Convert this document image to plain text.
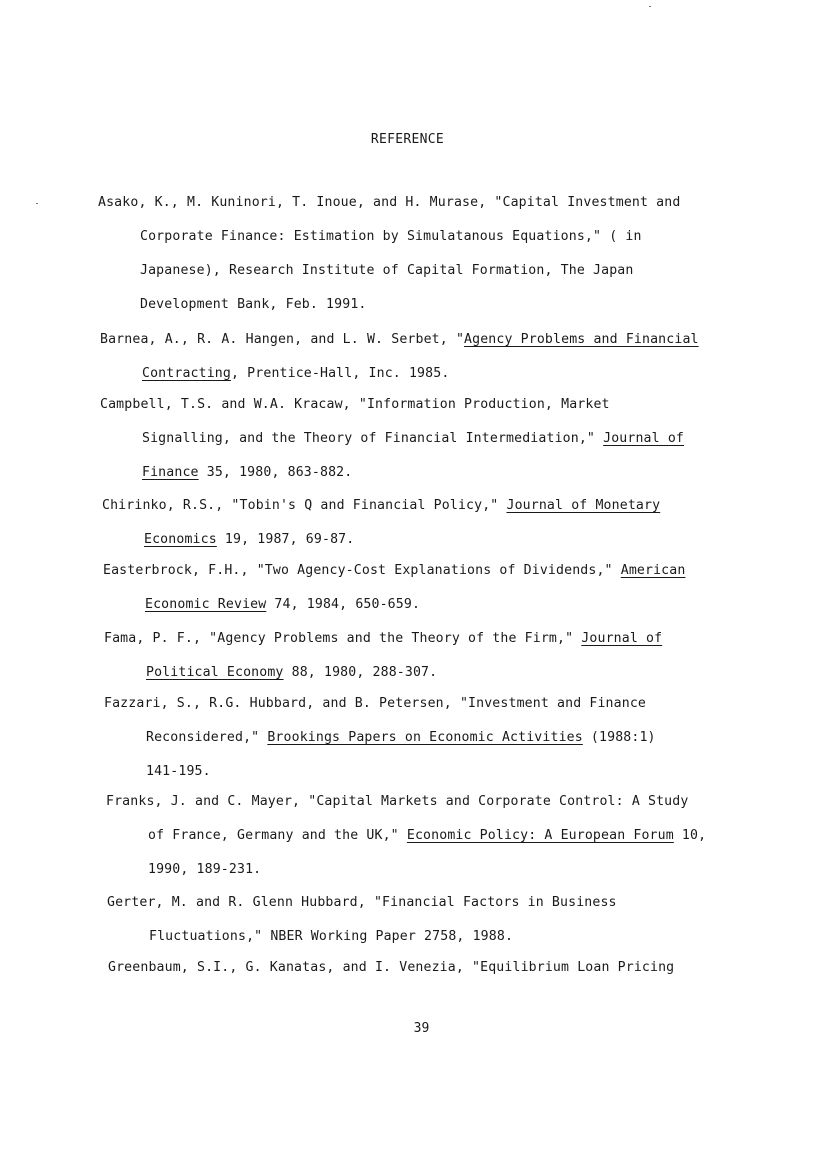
REFERENCE
Asako, K., M. Kuninori, T. Inoue, and H. Murase, "Capital Investment and
Corporate Finance: Estimation by Simulatanous Equations," ( in
Japanese), Research Institute of Capital Formation, The Japan
Development Bank, Feb. 1991.
Barnea, A., R. A. Hangen, and L. W. Serbet, "Agency Problems and Financial
Contracting, Prentice-Hall, Inc. 1985.
Campbell, T.S. and W.A. Kracaw, "Information Production, Market
Signalling, and the Theory of Financial Intermediation," Journal of
Finance 35, 1980, 863-882.
Chirinko, R.S., "Tobin's Q and Financial Policy," Journal of Monetary
Economics 19, 1987, 69-87.
Easterbrock, F.H., "Two Agency-Cost Explanations of Dividends," American
Economic Review 74, 1984, 650-659.
Fama, P. F., "Agency Problems and the Theory of the Firm," Journal of
Political Economy 88, 1980, 288-307.
Fazzari, S., R.G. Hubbard, and B. Petersen, "Investment and Finance
Reconsidered," Brookings Papers on Economic Activities (1988:1)
141-195.
Franks, J. and C. Mayer, "Capital Markets and Corporate Control: A Study
of France, Germany and the UK," Economic Policy: A European Forum 10,
1990, 189-231.
Gerter, M. and R. Glenn Hubbard, "Financial Factors in Business
Fluctuations," NBER Working Paper 2758, 1988.
Greenbaum, S.I., G. Kanatas, and I. Venezia, "Equilibrium Loan Pricing
39
